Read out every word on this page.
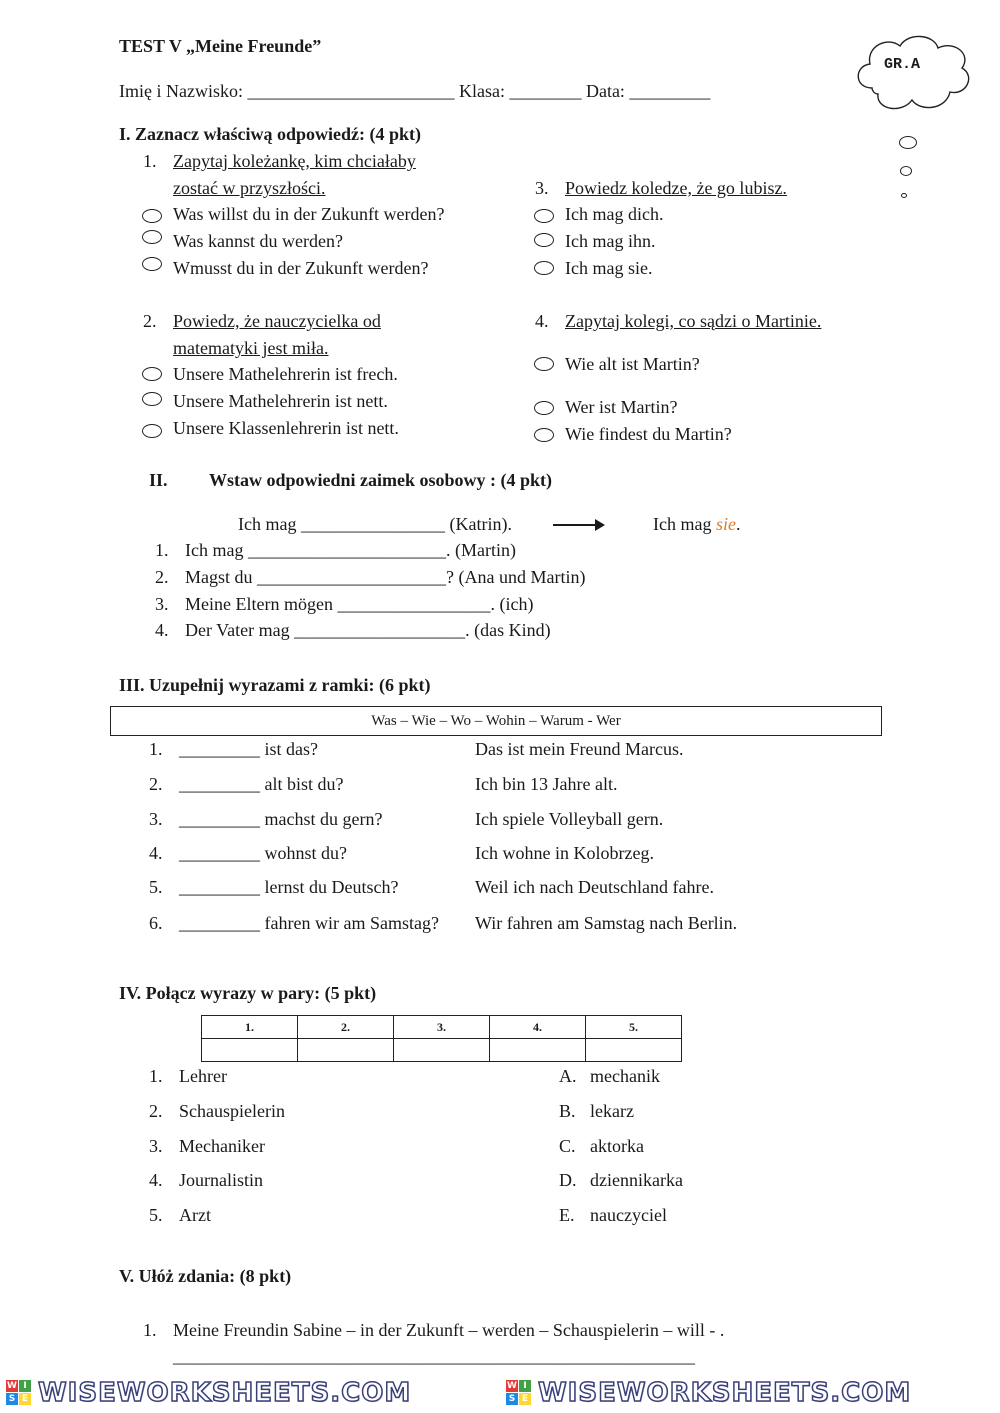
TEST V „Meine Freunde”
Imię i Nazwisko: _______________________ Klasa: ________ Data: _________
GR.A
I. Zaznacz właściwą odpowiedź: (4 pkt)
1. Zapytaj koleżankę, kim chciałaby
zostać w przyszłości.
Was willst du in der Zukunft werden?
Was kannst du werden?
Wmusst du in der Zukunft werden?
3. Powiedz koledze, że go lubisz.
Ich mag dich.
Ich mag ihn.
Ich mag sie.
2. Powiedz, że nauczycielka od
matematyki jest miła.
Unsere Mathelehrerin ist frech.
Unsere Mathelehrerin ist nett.
Unsere Klassenlehrerin ist nett.
4. Zapytaj kolegi, co sądzi o Martinie.
Wie alt ist Martin?
Wer ist Martin?
Wie findest du Martin?
II. Wstaw odpowiedni zaimek osobowy : (4 pkt)
Ich mag ________________ (Katrin).	Ich mag sie.
1. Ich mag ______________________. (Martin)
2. Magst du _____________________? (Ana und Martin)
3. Meine Eltern mögen _________________. (ich)
4. Der Vater mag ___________________. (das Kind)
III. Uzupełnij wyrazami z ramki: (6 pkt)
Was – Wie – Wo – Wohin – Warum - Wer
1. _________ ist das?	Das ist mein Freund Marcus.
2. _________ alt bist du?	Ich bin 13 Jahre alt.
3. _________ machst du gern?	Ich spiele Volleyball gern.
4. _________ wohnst du?	Ich wohne in Kolobrzeg.
5. _________ lernst du Deutsch?	Weil ich nach Deutschland fahre.
6. _________ fahren wir am Samstag? Wir fahren am Samstag nach Berlin.
IV. Połącz wyrazy w pary: (5 pkt)
1.	2.	3.	4.	5.

1. Lehrer	A. mechanik
2. Schauspielerin	B. lekarz
3. Mechaniker	C. aktorka
4. Journalistin	D. dziennikarka
5. Arzt	E. nauczyciel
V. Ułóż zdania: (8 pkt)
1. Meine Freundin Sabine – in der Zukunft – werden – Schauspielerin – will - .
__________________________________________________________
W I
S E WISEWORKSHEETS.COM	W I
S E WISEWORKSHEETS.COM
